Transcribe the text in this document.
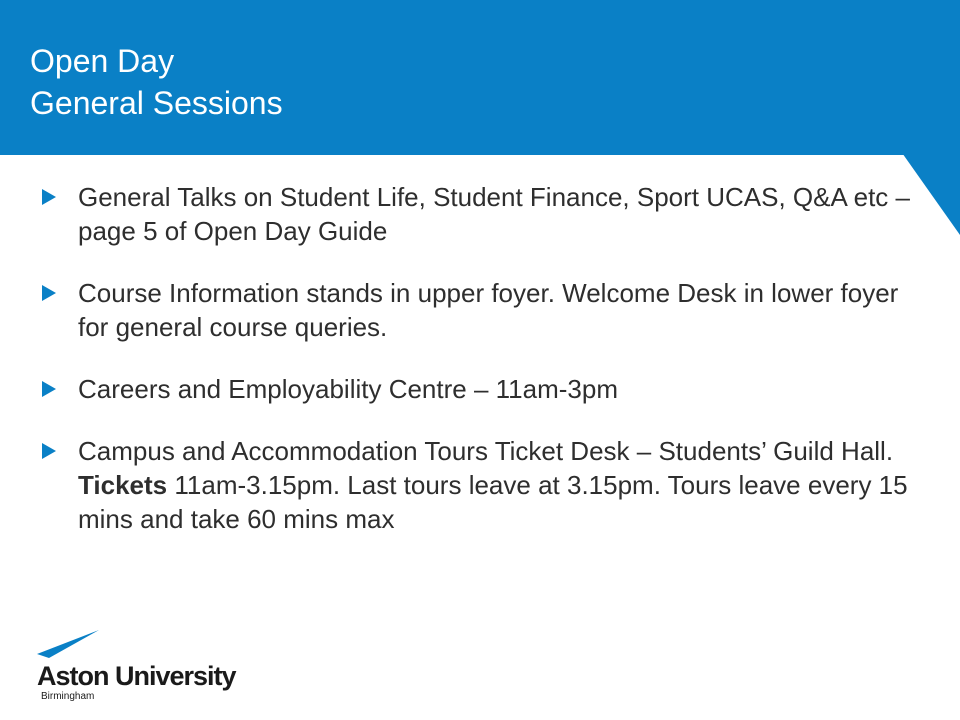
Open Day
General Sessions
General Talks on Student Life, Student Finance, Sport UCAS, Q&A etc – page 5 of Open Day Guide
Course Information stands in upper foyer. Welcome Desk in lower foyer for general course queries.
Careers and Employability Centre – 11am-3pm
Campus and Accommodation Tours Ticket Desk – Students’ Guild Hall. Tickets 11am-3.15pm. Last tours leave at 3.15pm. Tours leave every 15 mins and take 60 mins max
Aston University
Birmingham
